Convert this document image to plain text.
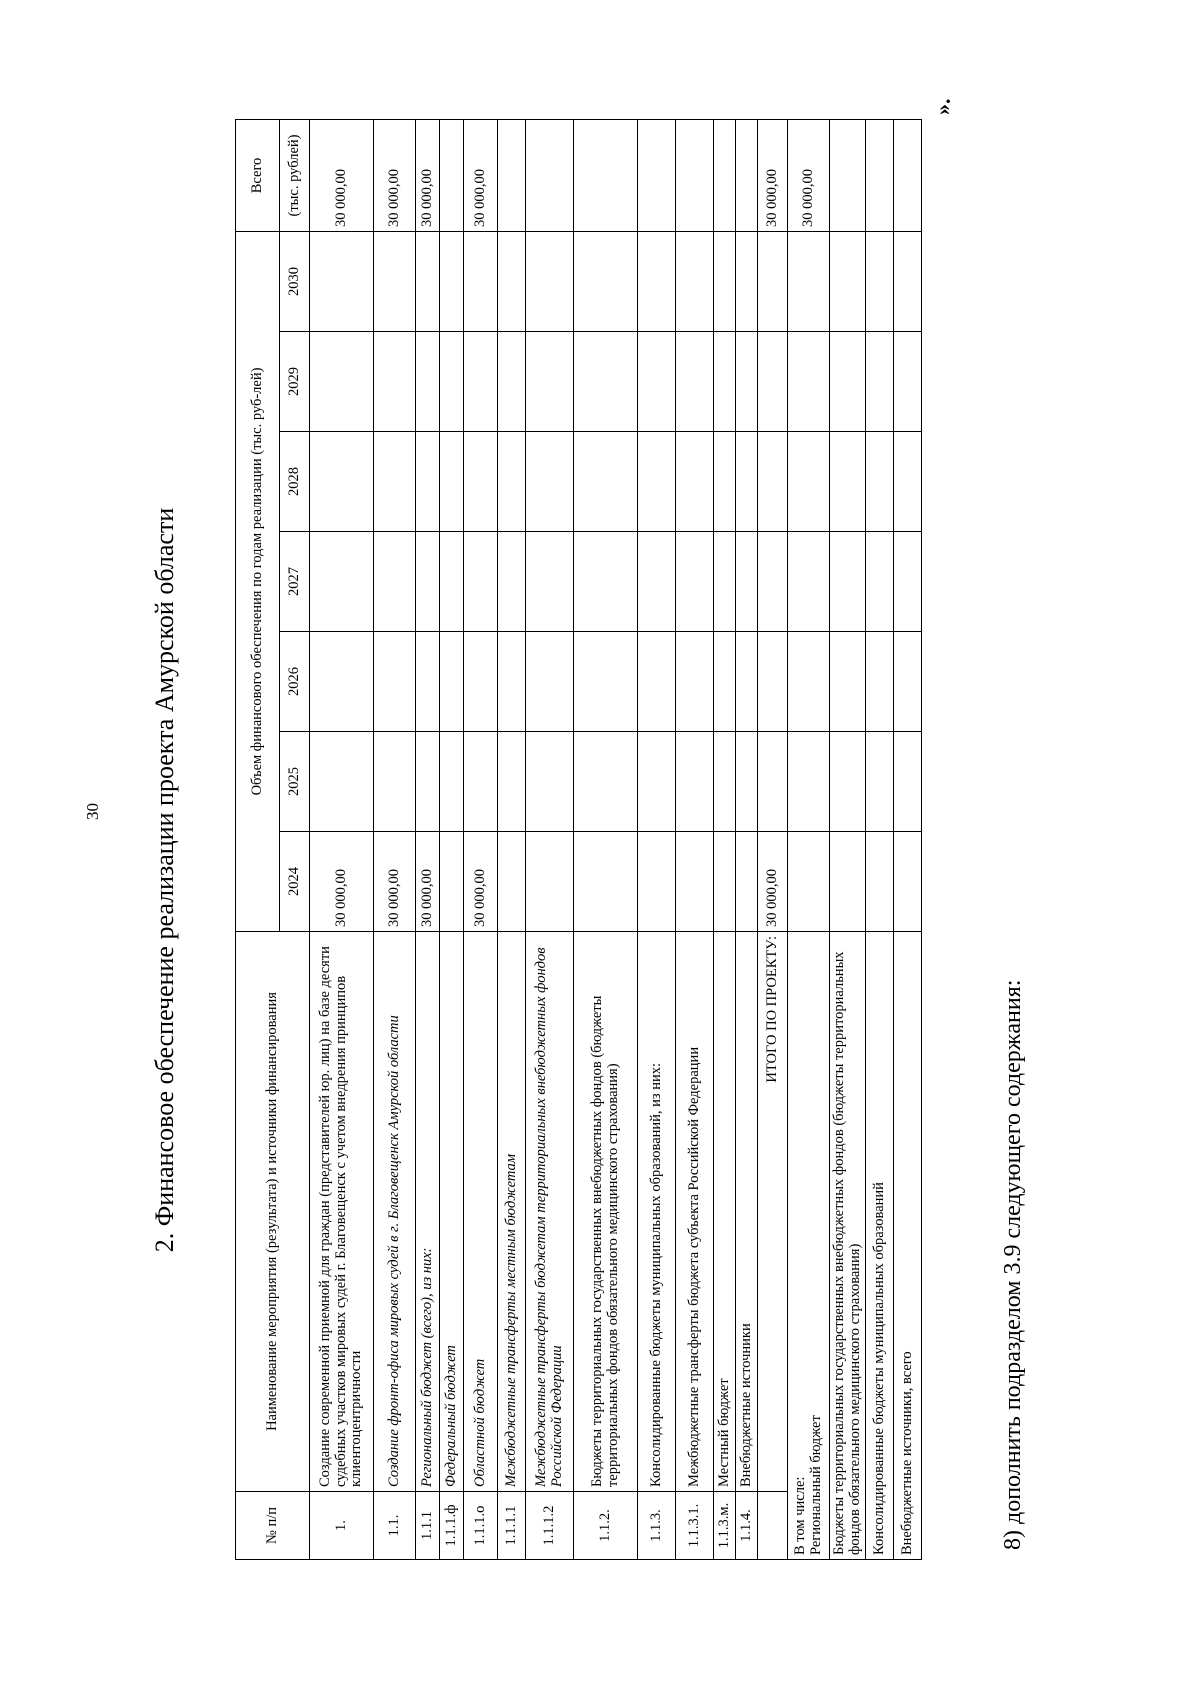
30 2. Финансовое обеспечение реализации проекта Амурской области
№ п/п	Наименование мероприятия (результата) и источники финансирования	Объем финансового обеспечения по годам реализации (тыс. руб-лей)							Всего
		2024	2025	2026	2027	2028	2029	2030	(тыс. рублей)
1.	Создание современной приемной для граждан (представителей юр. лиц) на базе десяти судебных участков мировых судей г. Благовещенск с учетом внедрения принципов клиентоцентричности	30 000,00							30 000,00
1.1.	Создание фронт-офиса мировых судей в г. Благовещенск Амурской области	30 000,00							30 000,00
1.1.1	Региональный бюджет (всего), из них:	30 000,00							30 000,00
1.1.1.ф	Федеральный бюджет								
1.1.1.о	Областной бюджет	30 000,00							30 000,00
1.1.1.1	Межбюджетные трансферты местным бюджетам								
1.1.1.2	Межбюджетные трансферты бюджетам территориальных внебюджетных фондов Российской Федерации								
1.1.2.	Бюджеты территориальных государственных внебюджетных фондов (бюджеты территориальных фондов обязательного медицинского страхования)								
1.1.3.	Консолидированные бюджеты муниципальных образований, из них:								
1.1.3.1.	Межбюджетные трансферты бюджета субъекта Российской Федерации								
1.1.3.м.	Местный бюджет								
1.1.4.	Внебюджетные источники								
	ИТОГО ПО ПРОЕКТУ:	30 000,00							30 000,00

В том числе: Региональный бюджет									30 000,00
Бюджеты территориальных государственных внебюджетных фондов (бюджеты территориальных фондов обязательного медицинского страхования)									
Консолидированные бюджеты муниципальных образований									
Внебюджетные источники, всего									
».
8) дополнить подразделом 3.9 следующего содержания:
